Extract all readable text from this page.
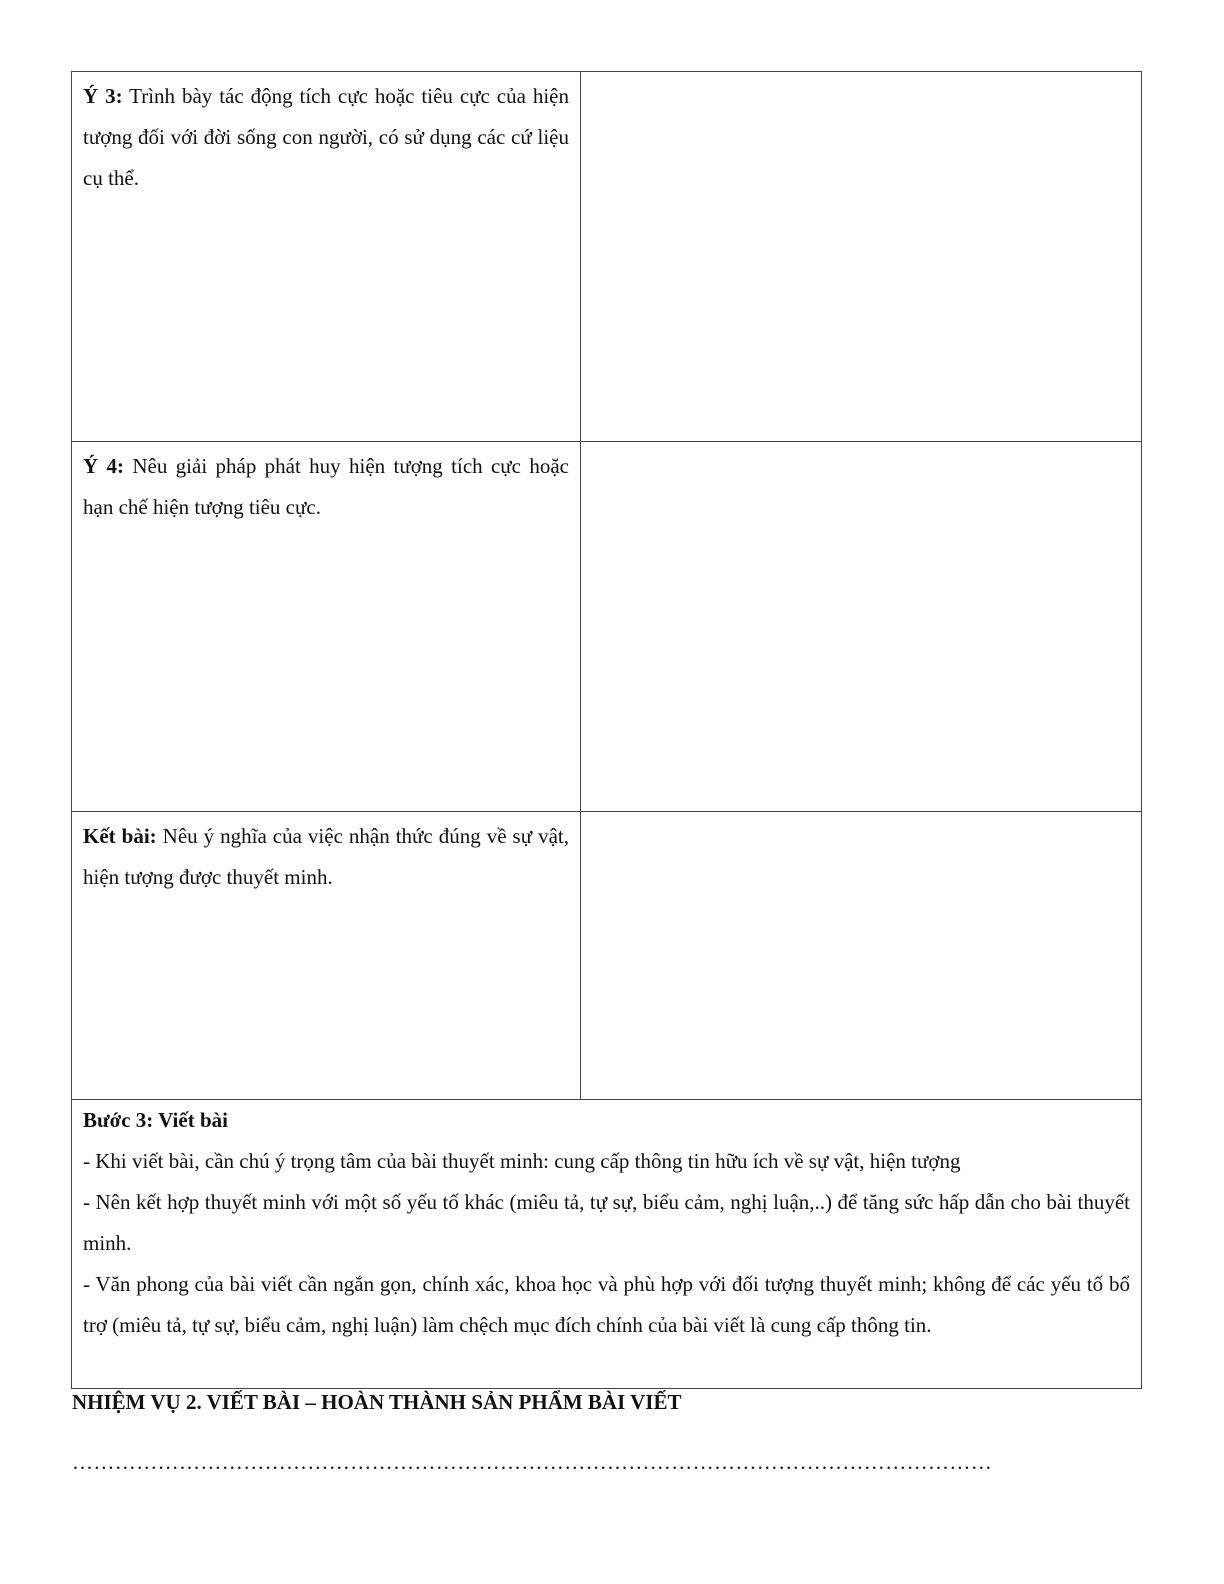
Ý 3: Trình bày tác động tích cực hoặc tiêu cực của hiện tượng đối với đời sống con người, có sử dụng các cứ liệu cụ thể.	
Ý 4: Nêu giải pháp phát huy hiện tượng tích cực hoặc hạn chế hiện tượng tiêu cực.	
Kết bài: Nêu ý nghĩa của việc nhận thức đúng về sự vật, hiện tượng được thuyết minh.	

Bước 3: Viết bài
- Khi viết bài, cần chú ý trọng tâm của bài thuyết minh: cung cấp thông tin hữu ích về sự vật, hiện tượng
- Nên kết hợp thuyết minh với một số yếu tố khác (miêu tả, tự sự, biểu cảm, nghị luận,..) để tăng sức hấp dẫn cho bài thuyết minh.
- Văn phong của bài viết cần ngắn gọn, chính xác, khoa học và phù hợp với đối tượng thuyết minh; không để các yếu tố bổ trợ (miêu tả, tự sự, biểu cảm, nghị luận) làm chệch mục đích chính của bài viết là cung cấp thông tin.	
NHIỆM VỤ 2. VIẾT BÀI – HOÀN THÀNH SẢN PHẨM BÀI VIẾT
…………………………………………………………………………………………………………………
